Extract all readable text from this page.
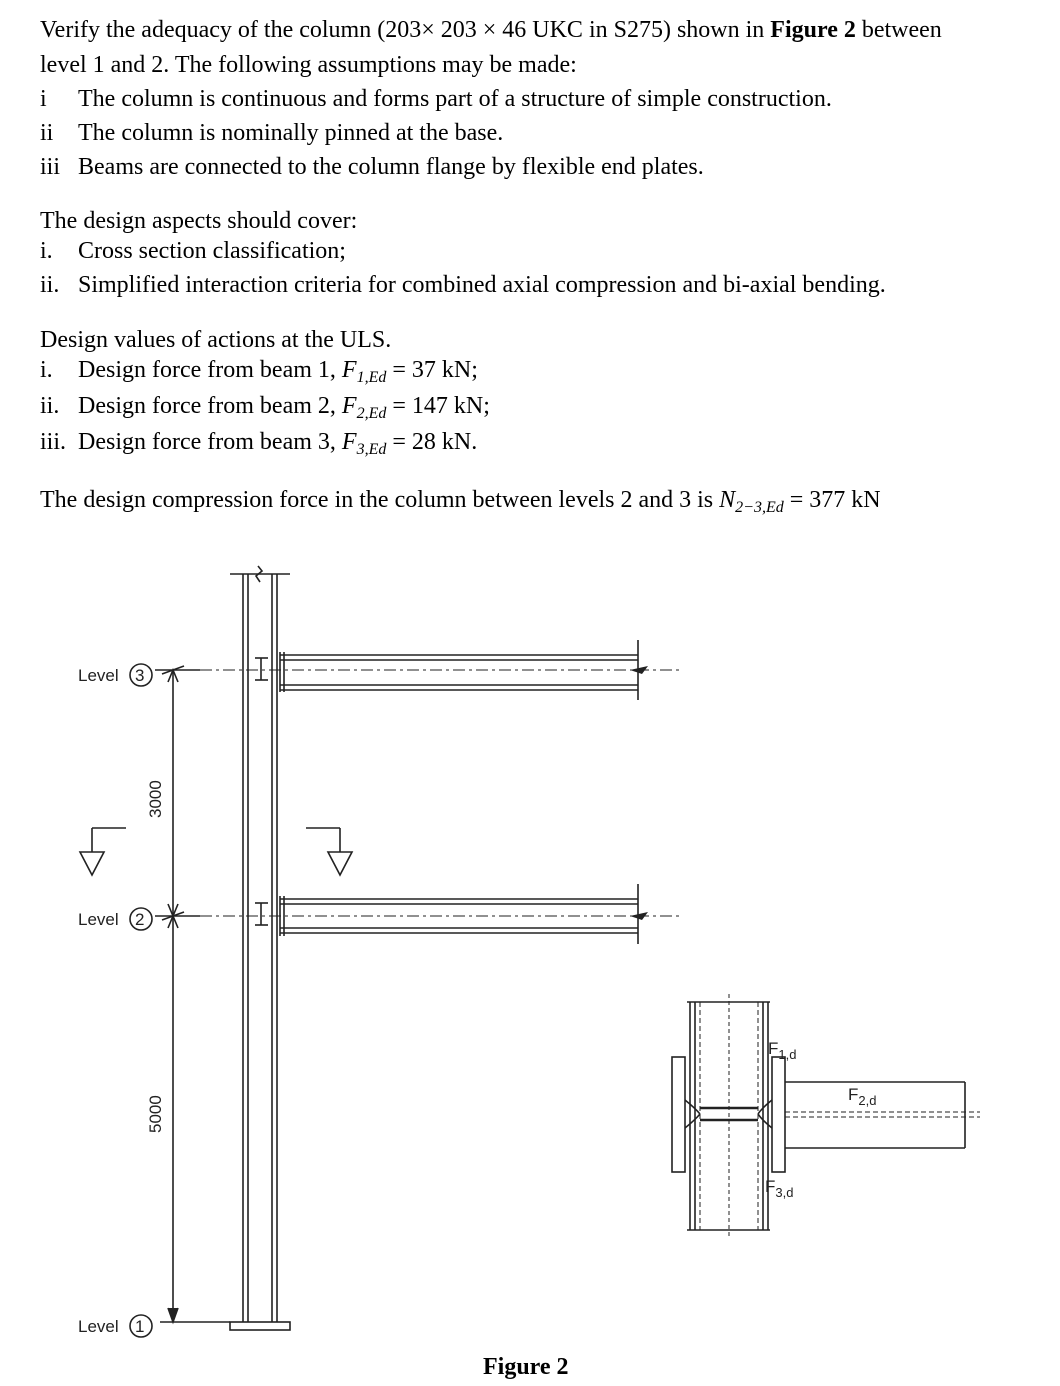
Verify the adequacy of the column (203× 203 × 46 UKC in S275) shown in Figure 2 between
level 1 and 2. The following assumptions may be made:
i The column is continuous and forms part of a structure of simple construction.
ii The column is nominally pinned at the base.
iii Beams are connected to the column flange by flexible end plates.
The design aspects should cover:
i. Cross section classification;
ii. Simplified interaction criteria for combined axial compression and bi-axial bending.
Design values of actions at the ULS.
i. Design force from beam 1, $F_{1,Ed} = 37$ kN;
ii. Design force from beam 2, $F_{2,Ed} = 147$ kN;
iii. Design force from beam 3, $F_{3,Ed} = 28$ kN.
The design compression force in the column between levels 2 and 3 is $N_{2-3,Ed} = 377$ kN
Level 3
Level 2
Level 1
3000
5000
$F_{1,d}$
$F_{2,d}$
$F_{3,d}$
Figure 2
